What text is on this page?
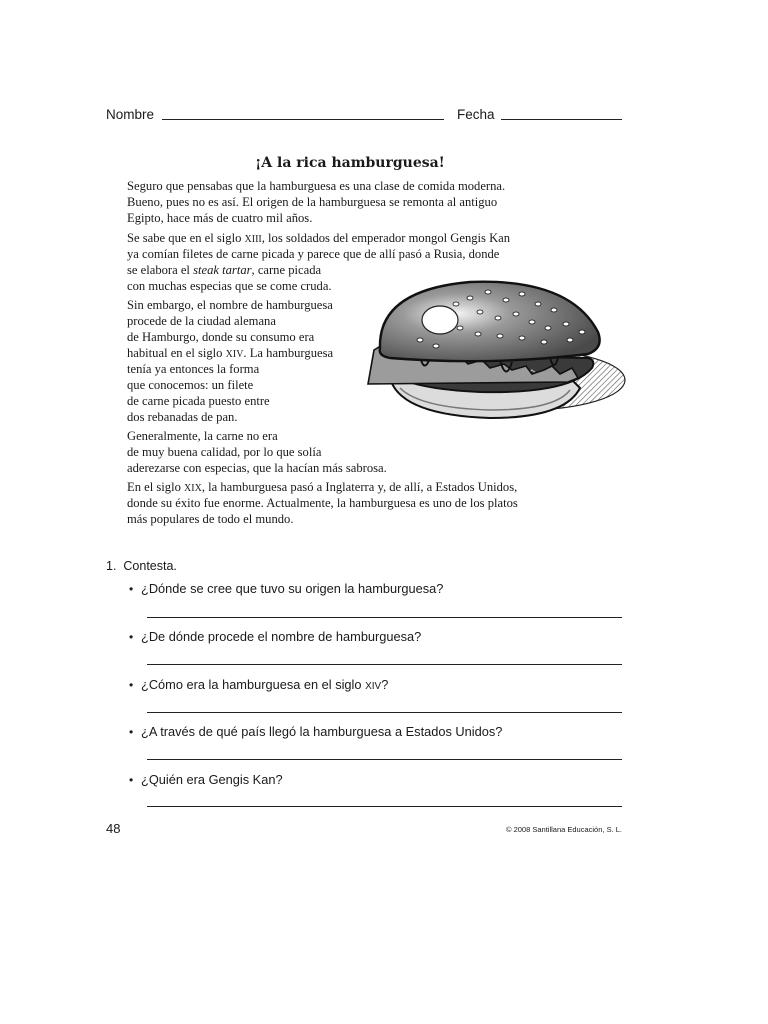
Nombre	Fecha
¡A la rica hamburguesa!
Seguro que pensabas que la hamburguesa es una clase de comida moderna.
Bueno, pues no es así. El origen de la hamburguesa se remonta al antiguo
Egipto, hace más de cuatro mil años.
Se sabe que en el siglo XIII, los soldados del emperador mongol Gengis Kan
ya comían filetes de carne picada y parece que de allí pasó a Rusia, donde
se elabora el steak tartar, carne picada
con muchas especias que se come cruda.
Sin embargo, el nombre de hamburguesa
procede de la ciudad alemana
de Hamburgo, donde su consumo era
habitual en el siglo XIV. La hamburguesa
tenía ya entonces la forma
que conocemos: un filete
de carne picada puesto entre
dos rebanadas de pan.
Generalmente, la carne no era
de muy buena calidad, por lo que solía
aderezarse con especias, que la hacían más sabrosa.
En el siglo XIX, la hamburguesa pasó a Inglaterra y, de allí, a Estados Unidos,
donde su éxito fue enorme. Actualmente, la hamburguesa es uno de los platos
más populares de todo el mundo.
1. Contesta.
• ¿Dónde se cree que tuvo su origen la hamburguesa?
• ¿De dónde procede el nombre de hamburguesa?
• ¿Cómo era la hamburguesa en el siglo XIV?
• ¿A través de qué país llegó la hamburguesa a Estados Unidos?
• ¿Quién era Gengis Kan?
48	© 2008 Santillana Educación, S. L.
